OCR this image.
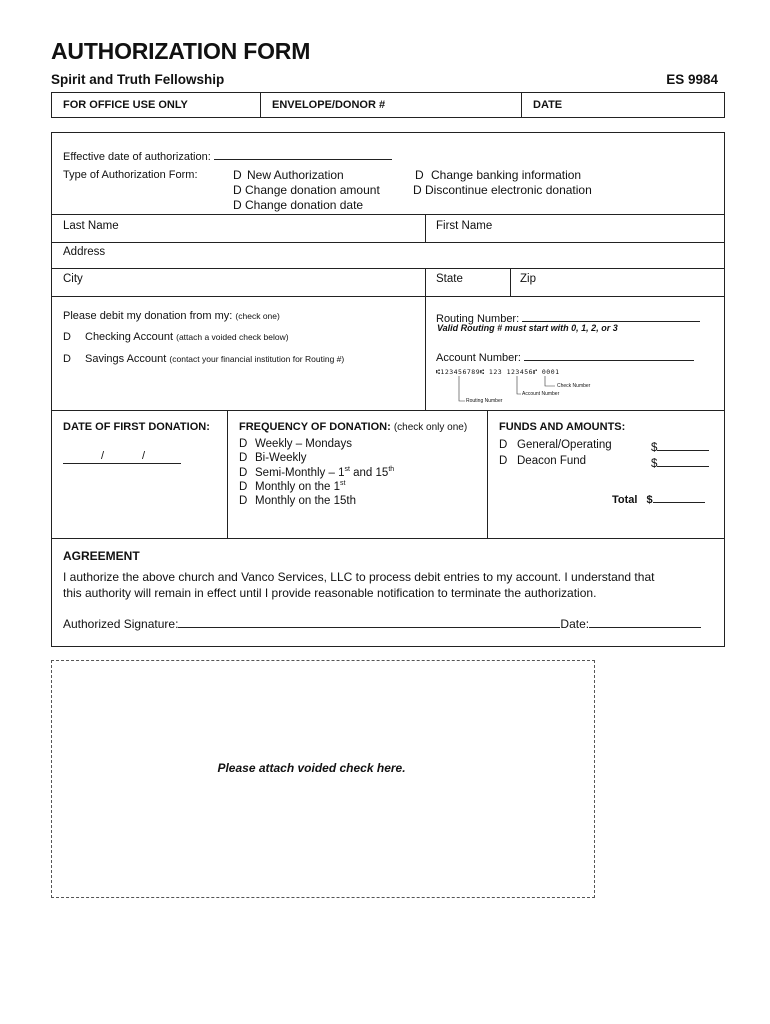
AUTHORIZATION FORM
Spirit and Truth Fellowship	ES 9984
FOR OFFICE USE ONLY	ENVELOPE/DONOR #	DATE
Effective date of authorization:
Type of Authorization Form:	D New Authorization
D Change donation amount
D Change donation date
D Change banking information
D Discontinue electronic donation
Last Name	First Name
Address
City	State	Zip
Please debit my donation from my: (check one)
D Checking Account (attach a voided check below)
D Savings Account (contact your financial institution for Routing #)
Routing Number:
Valid Routing # must start with 0, 1, 2, or 3
Account Number:
⑆123456789⑆ 123 123456⑈ 0001
Check Number
Account Number
Routing Number
DATE OF FIRST DONATION:
/	/
FREQUENCY OF DONATION: (check only one)
D Weekly – Mondays
D Bi-Weekly
D Semi-Monthly – 1st and 15th
D Monthly on the 1st
D Monthly on the 15th
FUNDS AND AMOUNTS:
D General/Operating	$
D Deacon Fund	$
Total $
AGREEMENT
I authorize the above church and Vanco Services, LLC to process debit entries to my account. I understand that
this authority will remain in effect until I provide reasonable notification to terminate the authorization.
Authorized Signature:	Date:
Please attach voided check here.
